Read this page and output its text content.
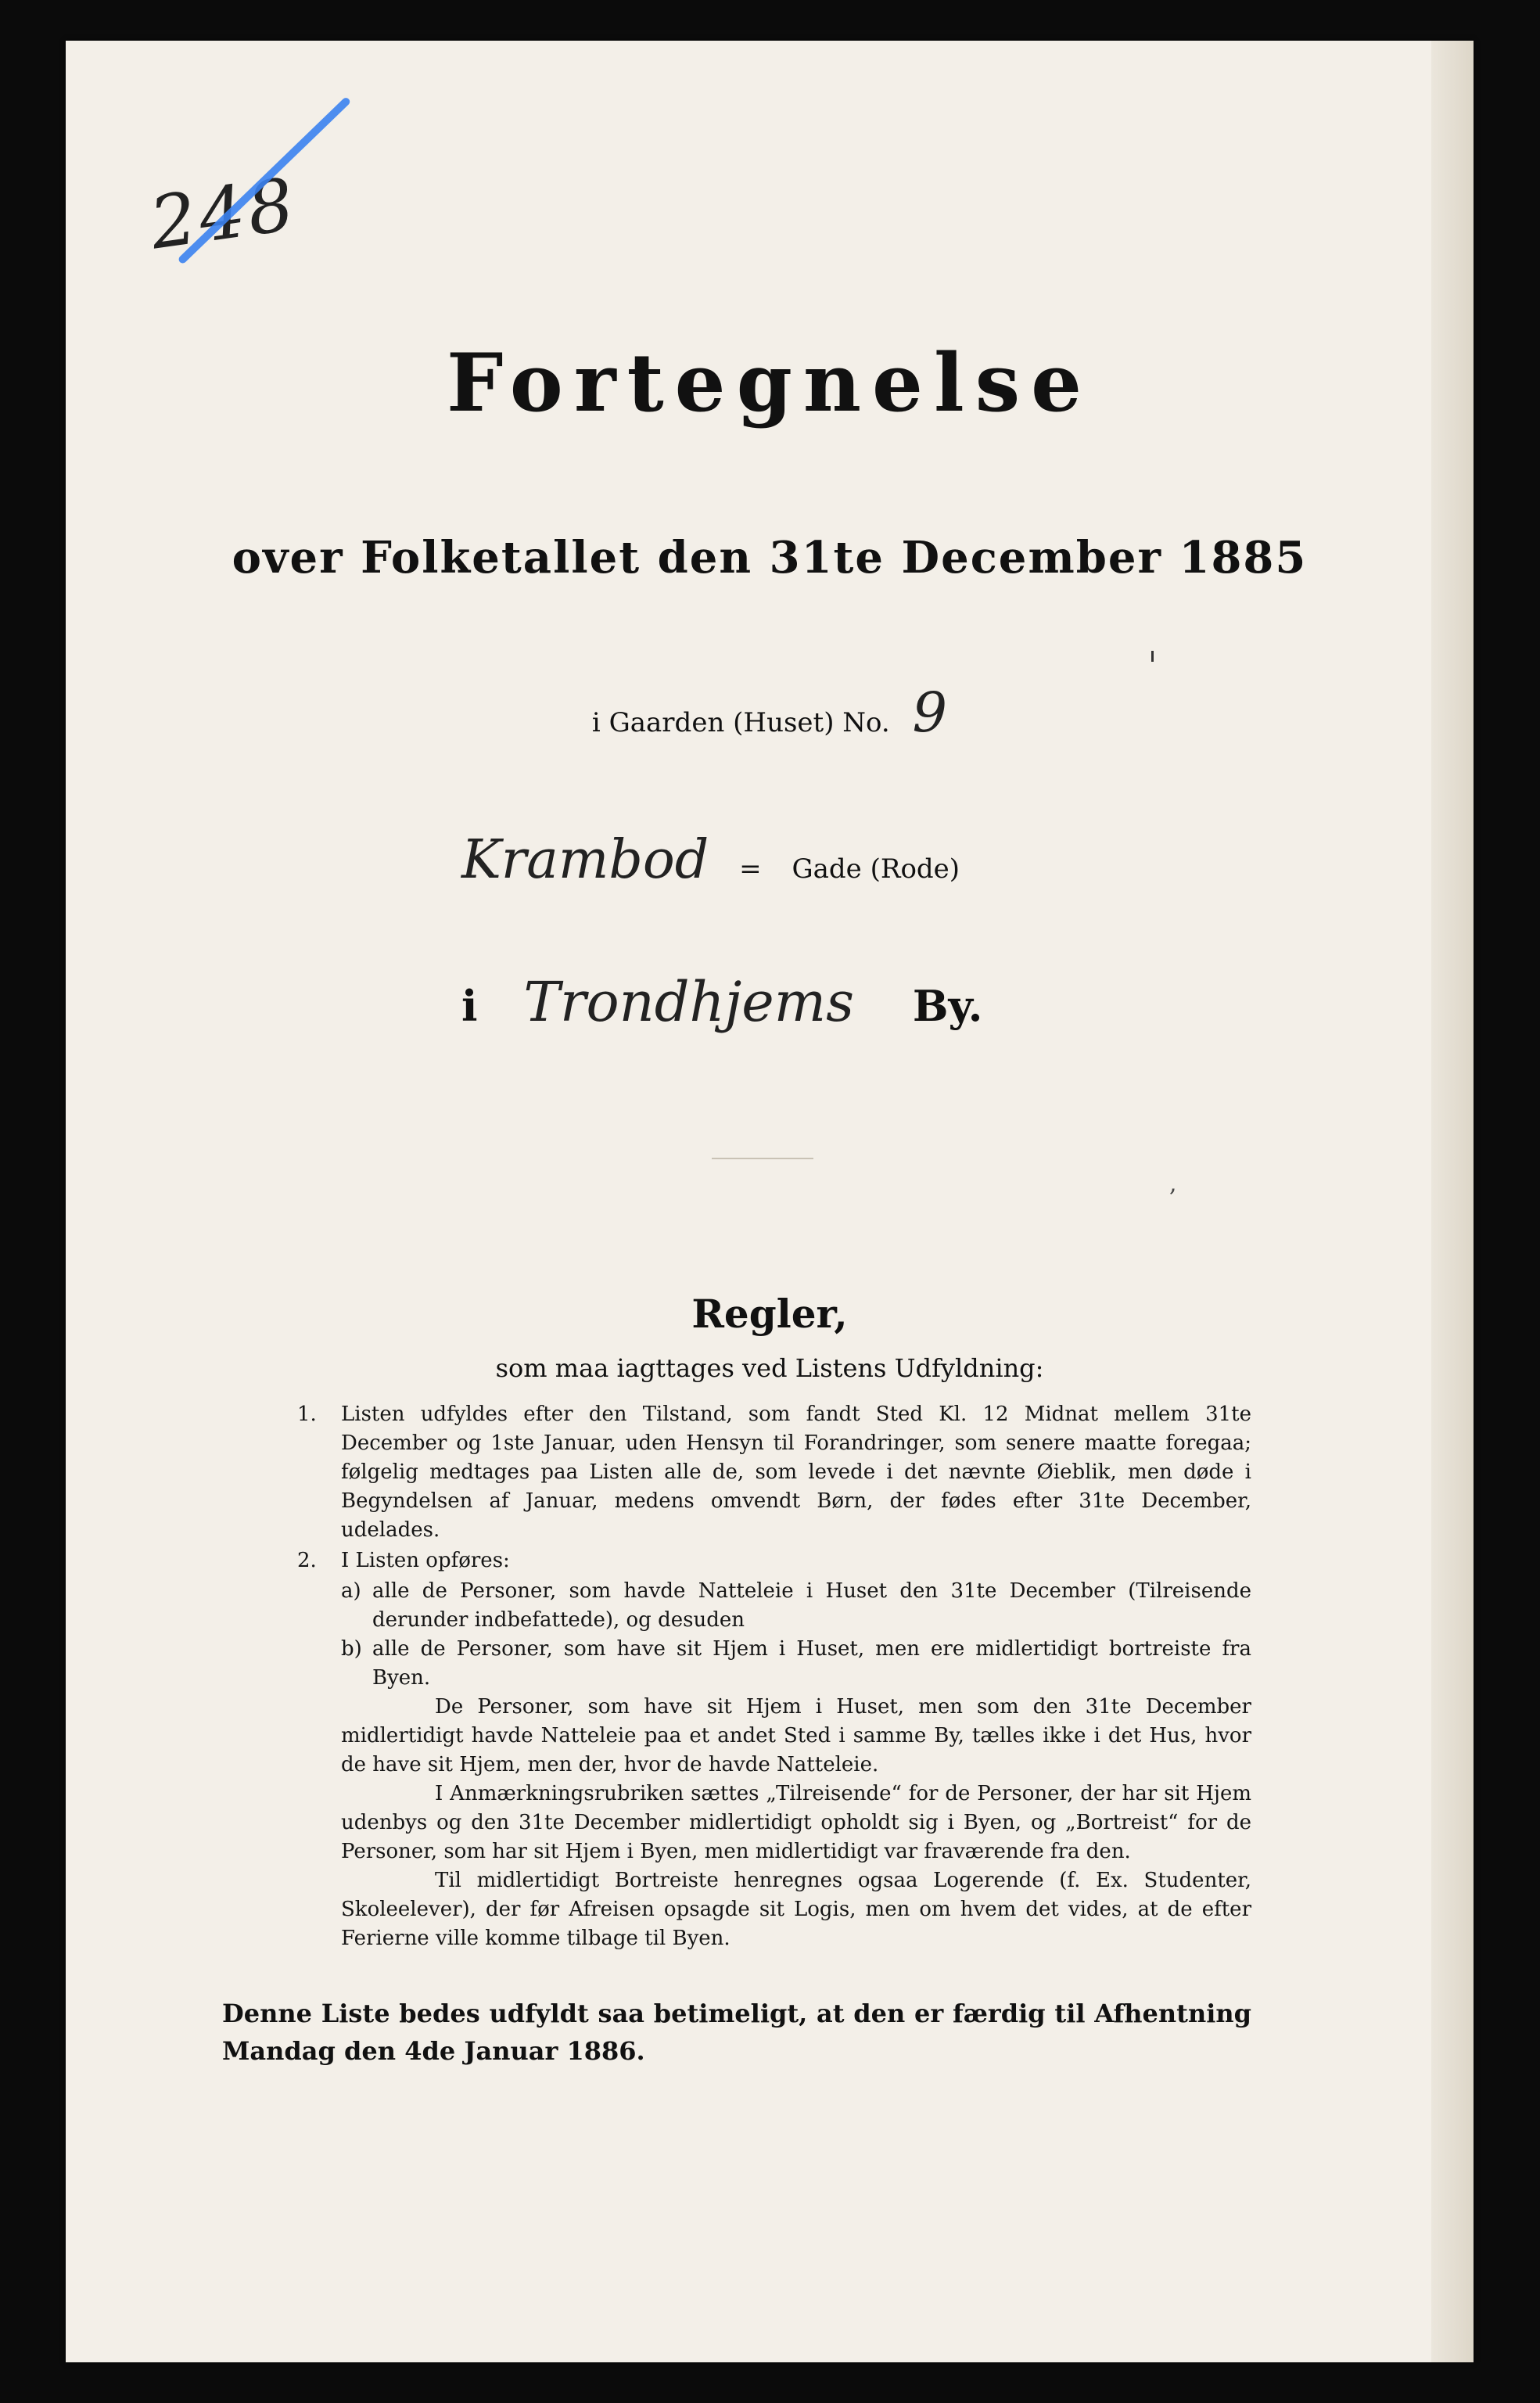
Fortegnelse
over Folketallet den 31te December 1885
i Gaarden (Huset) No. 9
Krambod = Gade (Rode)
i Trondhjems By.
,
Regler,
som maa iagttages ved Listens Udfyldning:
1.	Listen udfyldes efter den Tilstand, som fandt Sted Kl. 12 Midnat mellem 31te December og 1ste Januar, uden Hensyn til Forandringer, som senere maatte foregaa; følgelig medtages paa Listen alle de, som levede i det nævnte Øieblik, men døde i Begyndelsen af Januar, medens omvendt Børn, der fødes efter 31te December, udelades.
2.	I Listen opføres:
a) alle de Personer, som havde Natteleie i Huset den 31te December (Tilreisende derunder indbefattede), og desuden
b) alle de Personer, som have sit Hjem i Huset, men ere midlertidigt bortreiste fra Byen.
De Personer, som have sit Hjem i Huset, men som den 31te December midlertidigt havde Natteleie paa et andet Sted i samme By, tælles ikke i det Hus, hvor de have sit Hjem, men der, hvor de havde Natteleie.
I Anmærkningsrubriken sættes „Tilreisende“ for de Personer, der har sit Hjem udenbys og den 31te December midlertidigt opholdt sig i Byen, og „Bortreist“ for de Personer, som har sit Hjem i Byen, men midlertidigt var fraværende fra den.
Til midlertidigt Bortreiste henregnes ogsaa Logerende (f. Ex. Studenter, Skoleelever), der før Afreisen opsagde sit Logis, men om hvem det vides, at de efter Ferierne ville komme tilbage til Byen.
Denne Liste bedes udfyldt saa betimeligt, at den er færdig til Afhentning Mandag den 4de Januar 1886.
